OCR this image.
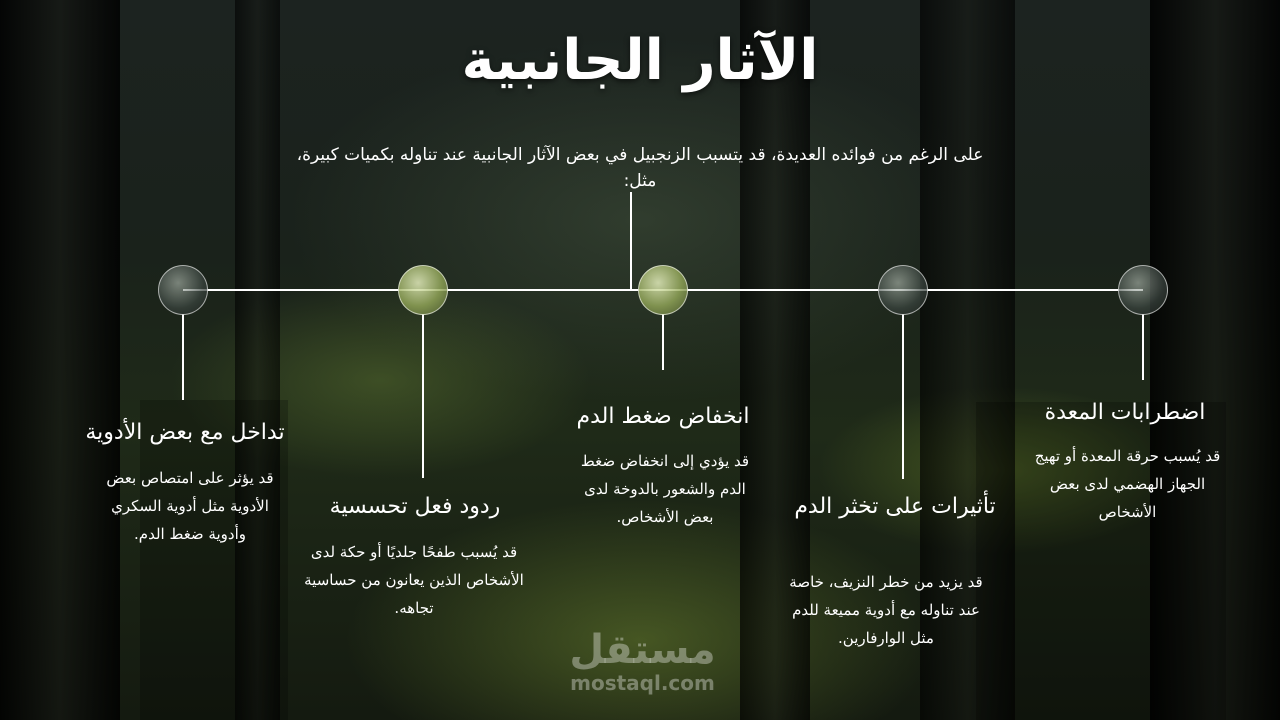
الآثار الجانبية
على الرغم من فوائده العديدة، قد يتسبب الزنجبيل في بعض الآثار الجانبية عند تناوله بكميات كبيرة، مثل:
تداخل مع بعض الأدوية
قد يؤثر على امتصاص بعض الأدوية مثل أدوية السكري وأدوية ضغط الدم.
ردود فعل تحسسية
قد يُسبب طفحًا جلديًا أو حكة لدى الأشخاص الذين يعانون من حساسية تجاهه.
انخفاض ضغط الدم
قد يؤدي إلى انخفاض ضغط الدم والشعور بالدوخة لدى بعض الأشخاص.	تأثيرات على تخثر الدم
قد يزيد من خطر النزيف، خاصة عند تناوله مع أدوية مميعة للدم مثل الوارفارين.
اضطرابات المعدة
قد يُسبب حرقة المعدة أو تهيج الجهاز الهضمي لدى بعض الأشخاص
مستقل
mostaql.com
